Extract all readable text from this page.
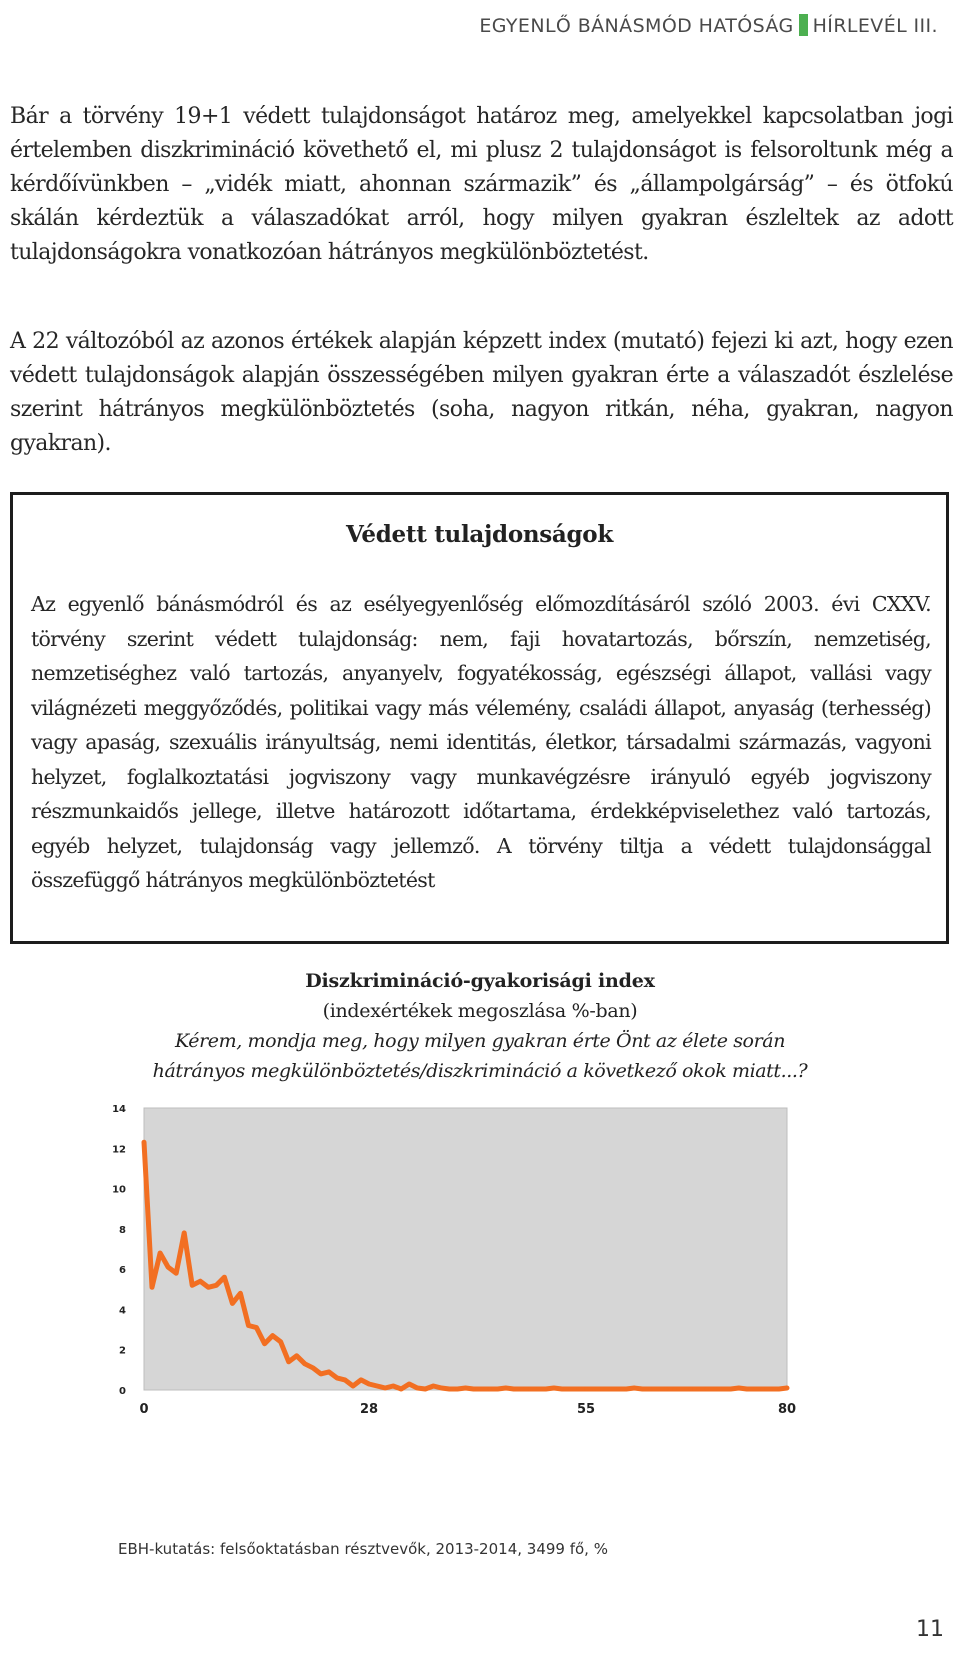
EGYENLŐ BÁNÁSMÓD HATÓSÁG HÍRLEVÉL III.

Bár a törvény 19+1 védett tulajdonságot határoz meg, amelyekkel kapcsolatban jogi értelemben diszkrimináció követhető el, mi plusz 2 tulajdonságot is felsoroltunk még a kérdőívünkben – „vidék miatt, ahonnan származik” és „állampolgárság” – és ötfokú skálán kérdeztük a válaszadókat arról, hogy milyen gyakran észleltek az adott tulajdonságokra vonatkozóan hátrányos megkülönböztetést.

A 22 változóból az azonos értékek alapján képzett index (mutató) fejezi ki azt, hogy ezen védett tulajdonságok alapján összességében milyen gyakran érte a válaszadót észlelése szerint hátrányos megkülönböztetés (soha, nagyon ritkán, néha, gyakran, nagyon gyakran).

Védett tulajdonságok

Az egyenlő bánásmódról és az esélyegyenlőség előmozdításáról szóló 2003. évi CXXV. törvény szerint védett tulajdonság: nem, faji hovatartozás, bőrszín, nemzetiség, nemzetiséghez való tartozás, anyanyelv, fogyatékosság, egészségi állapot, vallási vagy világnézeti meggyőződés, politikai vagy más vélemény, családi állapot, anyaság (terhesség) vagy apaság, szexuális irányultság, nemi identitás, életkor, társadalmi származás, vagyoni helyzet, foglalkoztatási jogviszony vagy munkavégzésre irányuló egyéb jogviszony részmunkaidős jellege, illetve határozott időtartama, érdekképviselethez való tartozás, egyéb helyzet, tulajdonság vagy jellemző. A törvény tiltja a védett tulajdonsággal összefüggő hátrányos megkülönböztetést

Diszkrimináció-gyakorisági index
(indexértékek megoszlása %-ban)
Kérem, mondja meg, hogy milyen gyakran érte Önt az élete során
hátrányos megkülönböztetés/diszkrimináció a következő okok miatt...?
0
2
4
6
8
10
12
14
0	28	55	80
EBH-kutatás: felsőoktatásban résztvevők, 2013-2014, 3499 fő, %
11
